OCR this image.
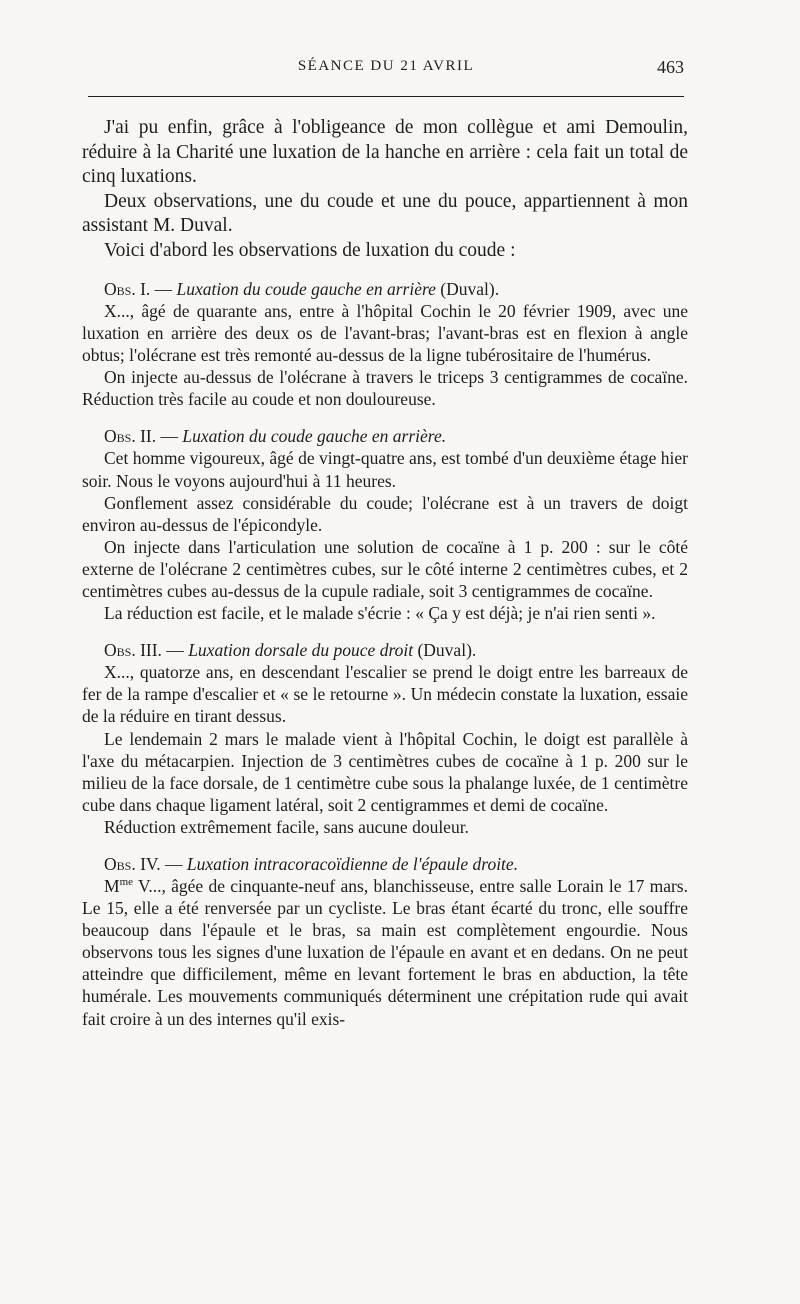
SÉANCE DU 21 AVRIL	463

J'ai pu enfin, grâce à l'obligeance de mon collègue et ami Demoulin, réduire à la Charité une luxation de la hanche en arrière : cela fait un total de cinq luxations.

Deux observations, une du coude et une du pouce, appartiennent à mon assistant M. Duval.

Voici d'abord les observations de luxation du coude :

Obs. I. — Luxation du coude gauche en arrière (Duval).

X..., âgé de quarante ans, entre à l'hôpital Cochin le 20 février 1909, avec une luxation en arrière des deux os de l'avant-bras; l'avant-bras est en flexion à angle obtus; l'olécrane est très remonté au-dessus de la ligne tubérositaire de l'humérus.

On injecte au-dessus de l'olécrane à travers le triceps 3 centigrammes de cocaïne. Réduction très facile au coude et non douloureuse.

Obs. II. — Luxation du coude gauche en arrière.

Cet homme vigoureux, âgé de vingt-quatre ans, est tombé d'un deuxième étage hier soir. Nous le voyons aujourd'hui à 11 heures.

Gonflement assez considérable du coude; l'olécrane est à un travers de doigt environ au-dessus de l'épicondyle.

On injecte dans l'articulation une solution de cocaïne à 1 p. 200 : sur le côté externe de l'olécrane 2 centimètres cubes, sur le côté interne 2 centimètres cubes, et 2 centimètres cubes au-dessus de la cupule radiale, soit 3 centigrammes de cocaïne.

La réduction est facile, et le malade s'écrie : « Ça y est déjà; je n'ai rien senti ».

Obs. III. — Luxation dorsale du pouce droit (Duval).

X..., quatorze ans, en descendant l'escalier se prend le doigt entre les barreaux de fer de la rampe d'escalier et « se le retourne ». Un médecin constate la luxation, essaie de la réduire en tirant dessus.

Le lendemain 2 mars le malade vient à l'hôpital Cochin, le doigt est parallèle à l'axe du métacarpien. Injection de 3 centimètres cubes de cocaïne à 1 p. 200 sur le milieu de la face dorsale, de 1 centimètre cube sous la phalange luxée, de 1 centimètre cube dans chaque ligament latéral, soit 2 centigrammes et demi de cocaïne.

Réduction extrêmement facile, sans aucune douleur.

Obs. IV. — Luxation intracoracoïdienne de l'épaule droite.

$M^{me}$ V..., âgée de cinquante-neuf ans, blanchisseuse, entre salle Lorain le 17 mars. Le 15, elle a été renversée par un cycliste. Le bras étant écarté du tronc, elle souffre beaucoup dans l'épaule et le bras, sa main est complètement engourdie. Nous observons tous les signes d'une luxation de l'épaule en avant et en dedans. On ne peut atteindre que difficilement, même en levant fortement le bras en abduction, la tête humérale. Les mouvements communiqués déterminent une crépitation rude qui avait fait croire à un des internes qu'il exis-
